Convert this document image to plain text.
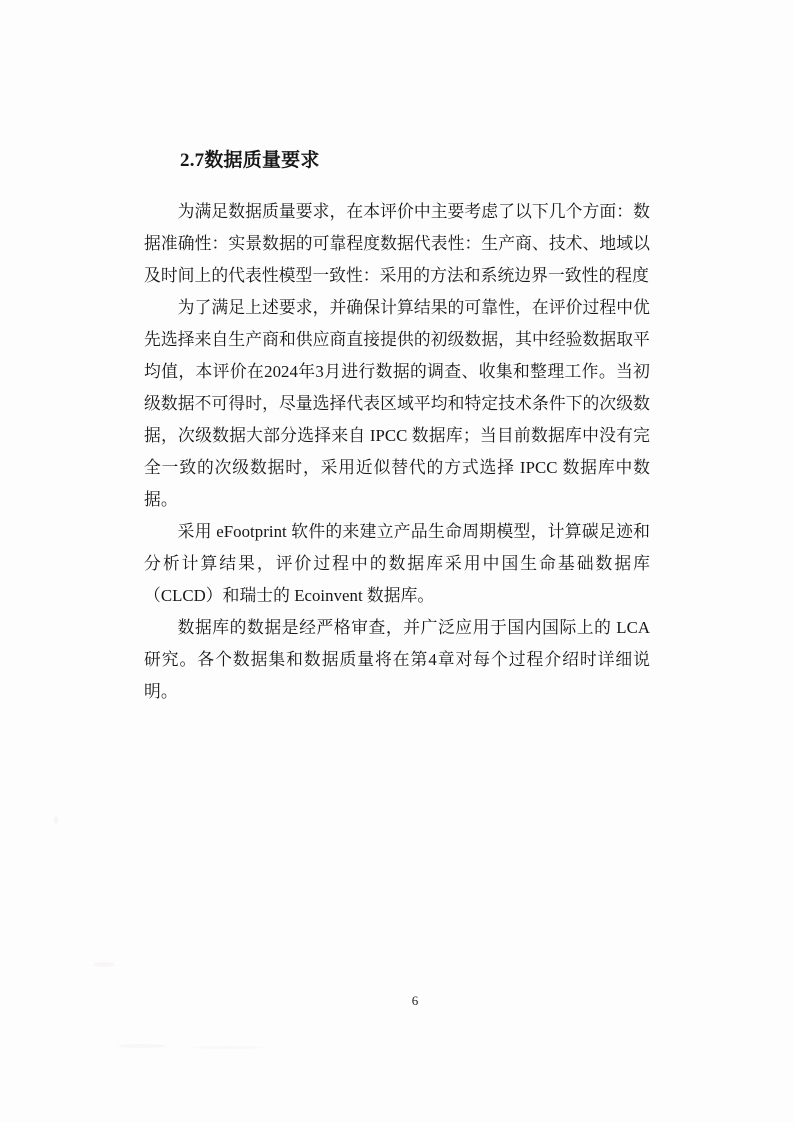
2.7数据质量要求

为满足数据质量要求，在本评价中主要考虑了以下几个方面：数据准确性：实景数据的可靠程度数据代表性：生产商、技术、地域以及时间上的代表性模型一致性：采用的方法和系统边界一致性的程度

为了满足上述要求，并确保计算结果的可靠性，在评价过程中优先选择来自生产商和供应商直接提供的初级数据，其中经验数据取平均值，本评价在2024年3月进行数据的调查、收集和整理工作。当初级数据不可得时，尽量选择代表区域平均和特定技术条件下的次级数据，次级数据大部分选择来自 IPCC 数据库；当目前数据库中没有完全一致的次级数据时，采用近似替代的方式选择 IPCC 数据库中数据。

采用 eFootprint 软件的来建立产品生命周期模型，计算碳足迹和分析计算结果，评价过程中的数据库采用中国生命基础数据库（CLCD）和瑞士的 Ecoinvent 数据库。

数据库的数据是经严格审查，并广泛应用于国内国际上的 LCA 研究。各个数据集和数据质量将在第4章对每个过程介绍时详细说明。

6
